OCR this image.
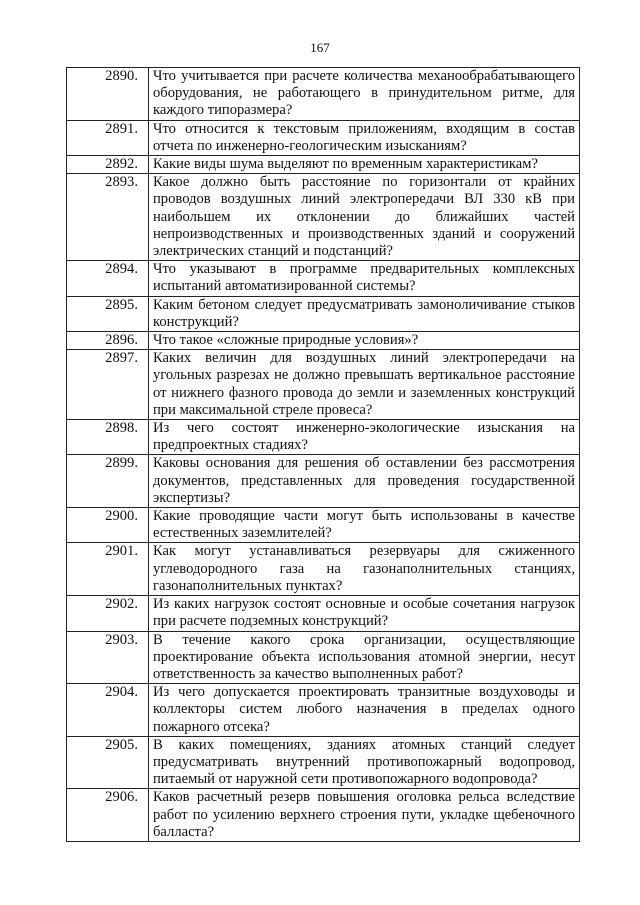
167
2890.	Что учитывается при расчете количества механообрабатывающего оборудования, не работающего в принудительном ритме, для каждого типоразмера?
2891.	Что относится к текстовым приложениям, входящим в состав отчета по инженерно-геологическим изысканиям?
2892.	Какие виды шума выделяют по временным характеристикам?
2893.	Какое должно быть расстояние по горизонтали от крайних проводов воздушных линий электропередачи ВЛ 330 кВ при наибольшем их отклонении до ближайших частей непроизводственных и производственных зданий и сооружений электрических станций и подстанций?
2894.	Что указывают в программе предварительных комплексных испытаний автоматизированной системы?
2895.	Каким бетоном следует предусматривать замоноличивание стыков конструкций?
2896.	Что такое «сложные природные условия»?
2897.	Каких величин для воздушных линий электропередачи на угольных разрезах не должно превышать вертикальное расстояние от нижнего фазного провода до земли и заземленных конструкций при максимальной стреле провеса?
2898.	Из чего состоят инженерно-экологические изыскания на предпроектных стадиях?
2899.	Каковы основания для решения об оставлении без рассмотрения документов, представленных для проведения государственной экспертизы?
2900.	Какие проводящие части могут быть использованы в качестве естественных заземлителей?
2901.	Как могут устанавливаться резервуары для сжиженного углеводородного газа на газонаполнительных станциях, газонаполнительных пунктах?
2902.	Из каких нагрузок состоят основные и особые сочетания нагрузок при расчете подземных конструкций?
2903.	В течение какого срока организации, осуществляющие проектирование объекта использования атомной энергии, несут ответственность за качество выполненных работ?
2904.	Из чего допускается проектировать транзитные воздуховоды и коллекторы систем любого назначения в пределах одного пожарного отсека?
2905.	В каких помещениях, зданиях атомных станций следует предусматривать внутренний противопожарный водопровод, питаемый от наружной сети противопожарного водопровода?
2906.	Каков расчетный резерв повышения оголовка рельса вследствие работ по усилению верхнего строения пути, укладке щебеночного балласта?
